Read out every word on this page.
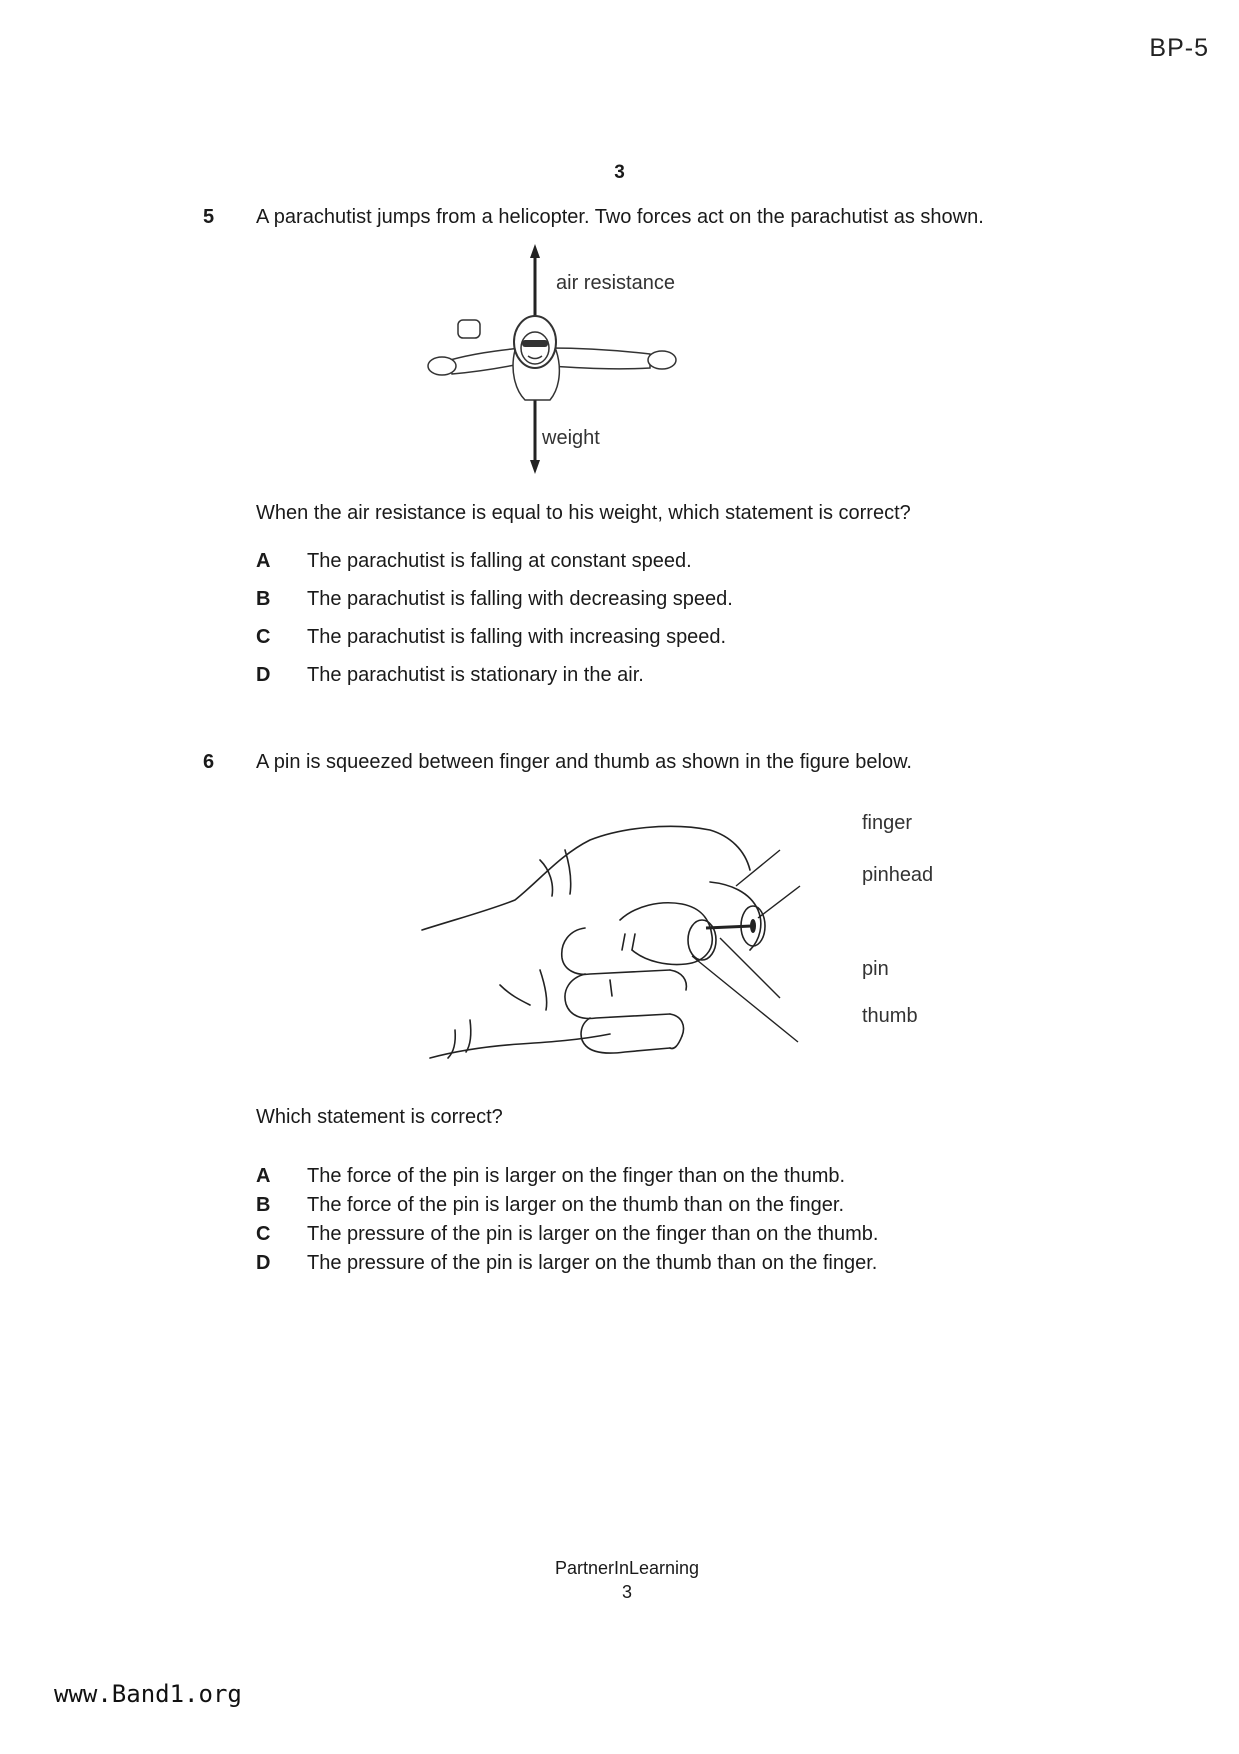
BP-5
3
5 A parachutist jumps from a helicopter. Two forces act on the parachutist as shown.
air resistance
weight
When the air resistance is equal to his weight, which statement is correct?
A The parachutist is falling at constant speed.
B The parachutist is falling with decreasing speed.
C The parachutist is falling with increasing speed.
D The parachutist is stationary in the air.
6 A pin is squeezed between finger and thumb as shown in the figure below.
finger
pinhead
pin
thumb
Which statement is correct?
A The force of the pin is larger on the finger than on the thumb.
B The force of the pin is larger on the thumb than on the finger.
C The pressure of the pin is larger on the finger than on the thumb.
D The pressure of the pin is larger on the thumb than on the finger.
PartnerInLearning
3
www.Band1.org
